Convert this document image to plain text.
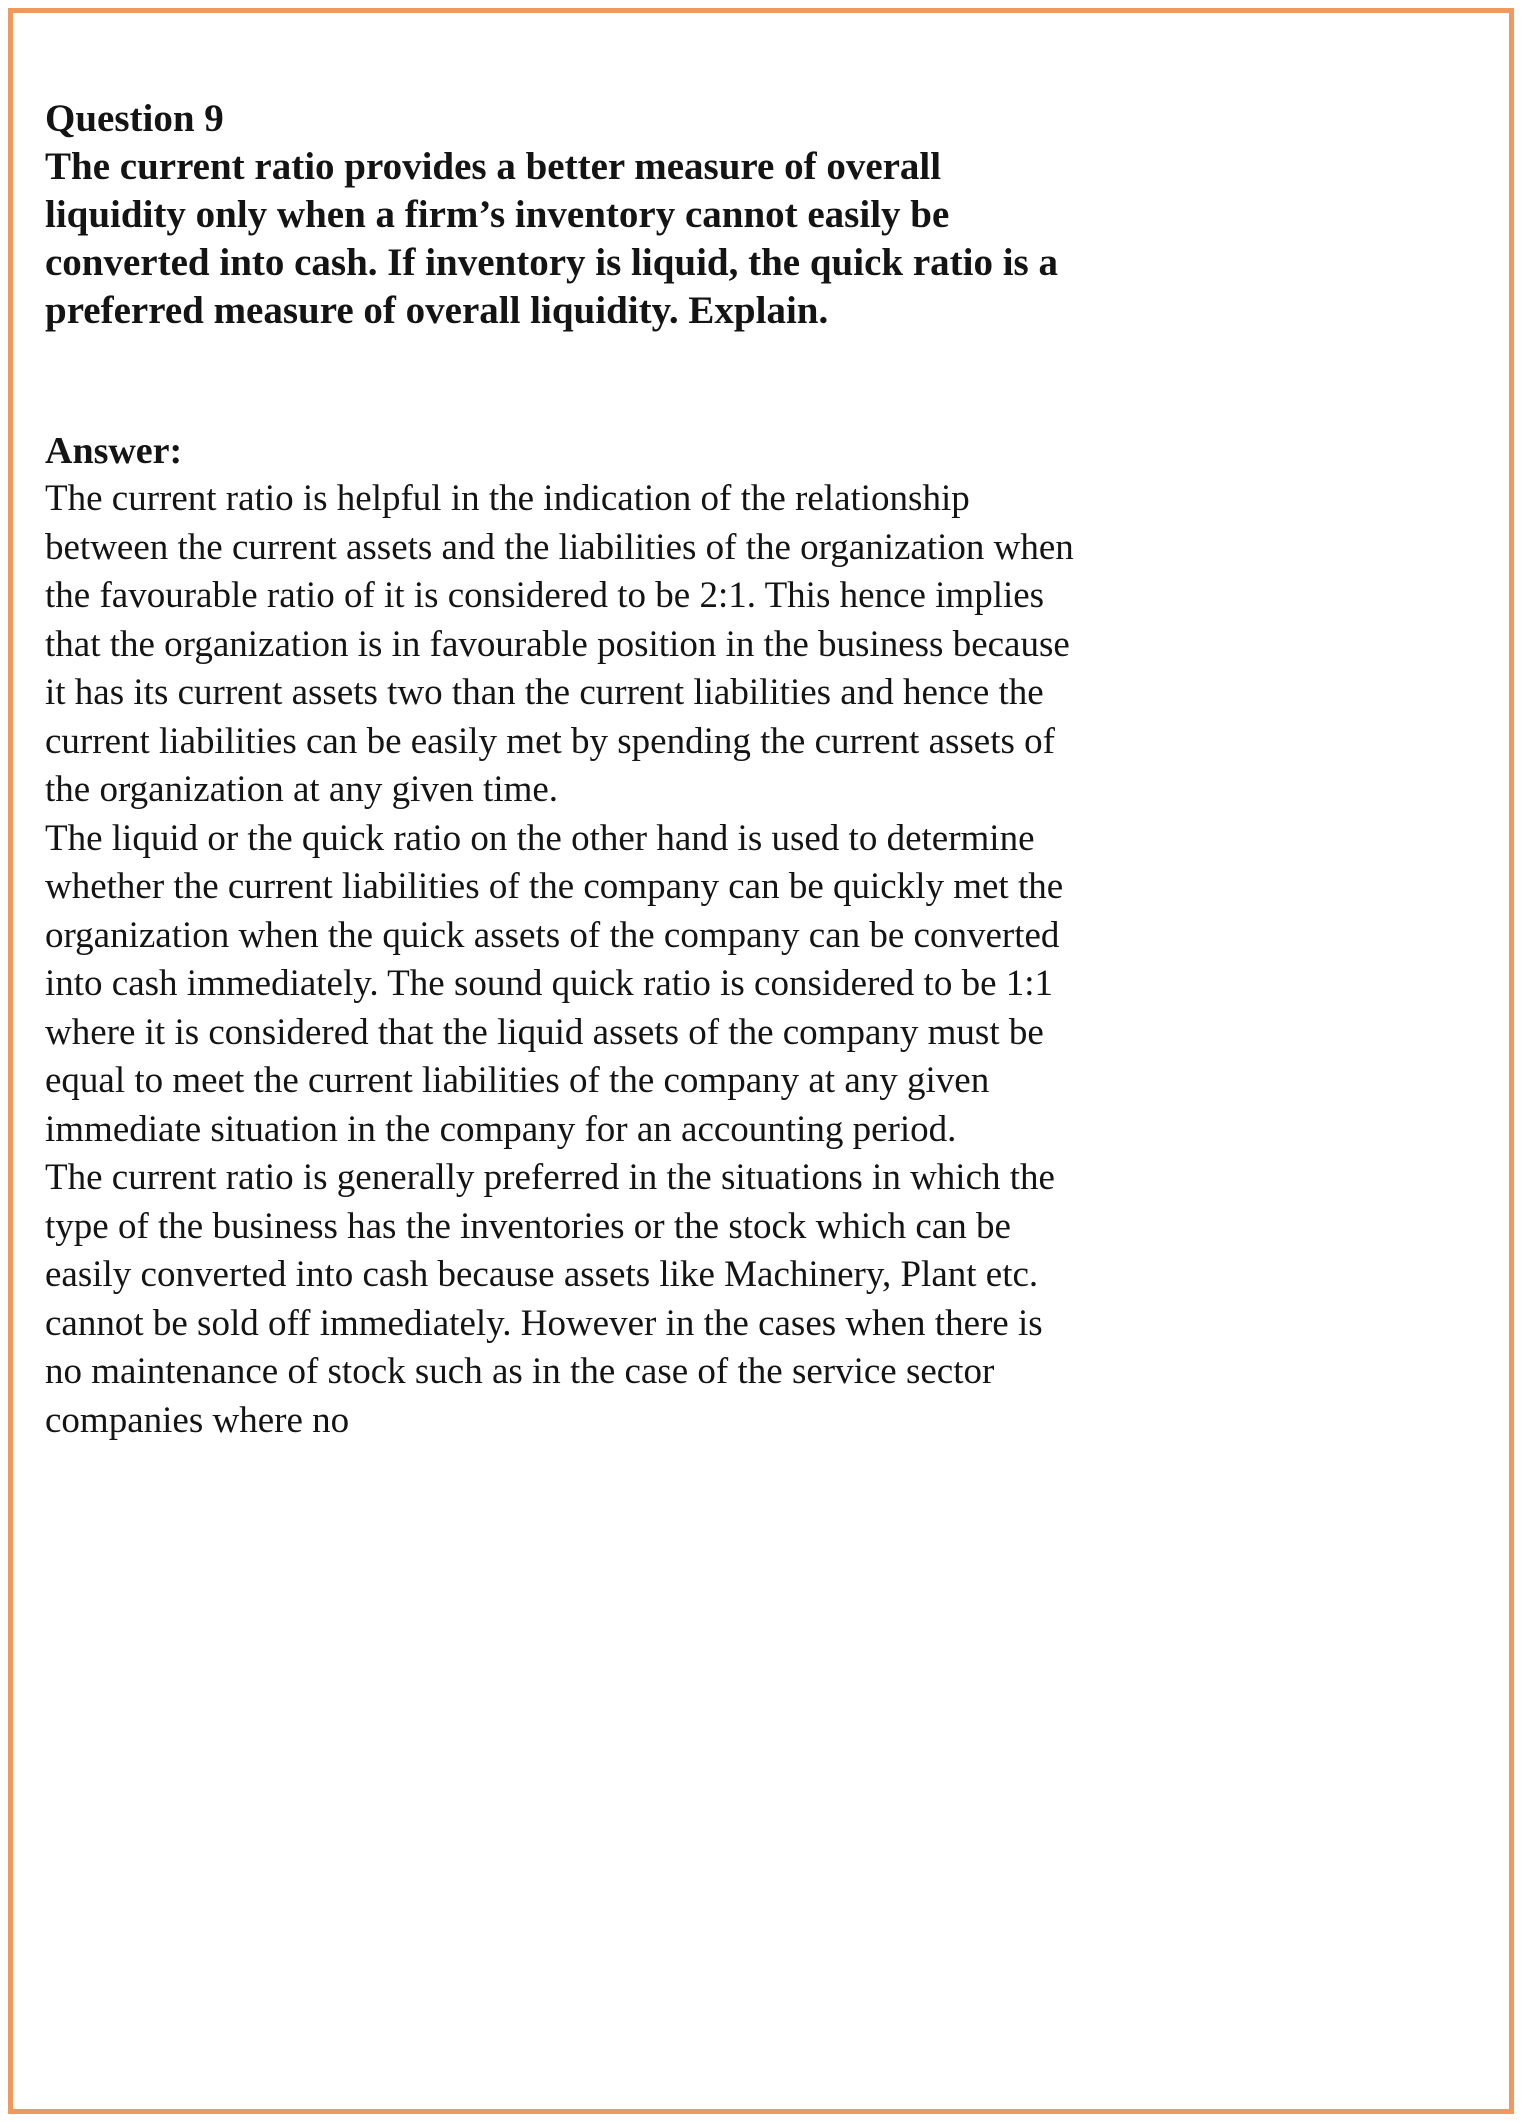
Question 9

The current ratio provides a better measure of overall liquidity only when a firm’s inventory cannot easily be converted into cash. If inventory is liquid, the quick ratio is a preferred measure of overall liquidity. Explain.

Answer:

The current ratio is helpful in the indication of the relationship between the current assets and the liabilities of the organization when the favourable ratio of it is considered to be 2:1. This hence implies that the organization is in favourable position in the business because it has its current assets two than the current liabilities and hence the current liabilities can be easily met by spending the current assets of the organization at any given time.

The liquid or the quick ratio on the other hand is used to determine whether the current liabilities of the company can be quickly met the organization when the quick assets of the company can be converted into cash immediately. The sound quick ratio is considered to be 1:1 where it is considered that the liquid assets of the company must be equal to meet the current liabilities of the company at any given immediate situation in the company for an accounting period.

The current ratio is generally preferred in the situations in which the type of the business has the inventories or the stock which can be easily converted into cash because assets like Machinery, Plant etc. cannot be sold off immediately. However in the cases when there is no maintenance of stock such as in the case of the service sector companies where no
